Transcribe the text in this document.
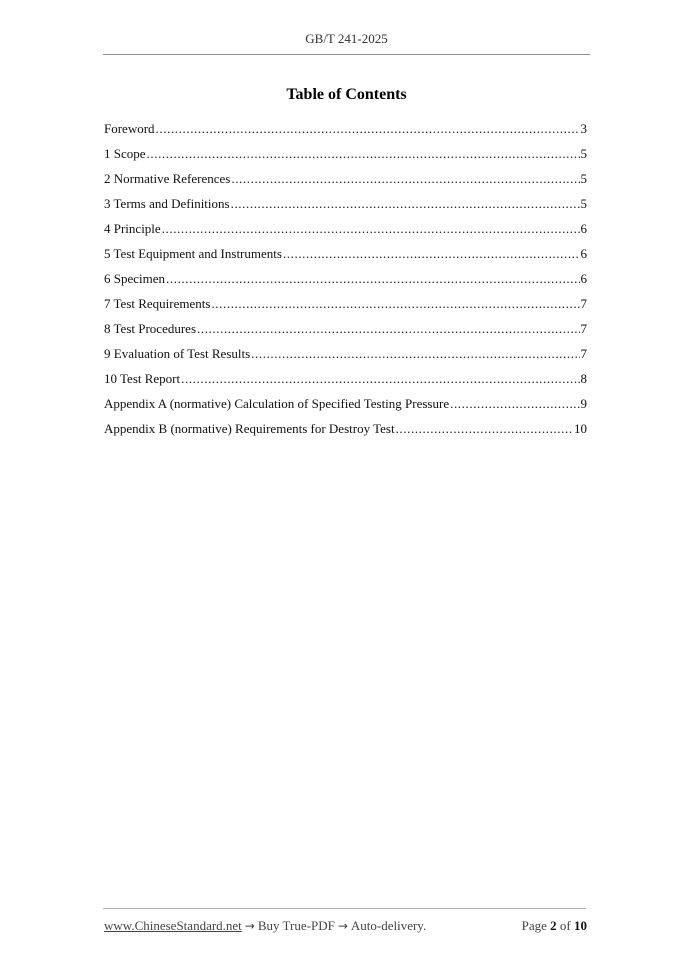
GB/T 241-2025
Table of Contents
Foreword .....	3
1 Scope .....	5
2 Normative References .....	5
3 Terms and Definitions .....	5
4 Principle .....	6
5 Test Equipment and Instruments .....	6
6 Specimen .....	6
7 Test Requirements .....	7
8 Test Procedures .....	7
9 Evaluation of Test Results .....	7
10 Test Report .....	8
Appendix A (normative) Calculation of Specified Testing Pressure .....	9
Appendix B (normative) Requirements for Destroy Test .....	10
www.ChineseStandard.net → Buy True-PDF → Auto-delivery.	Page 2 of 10
